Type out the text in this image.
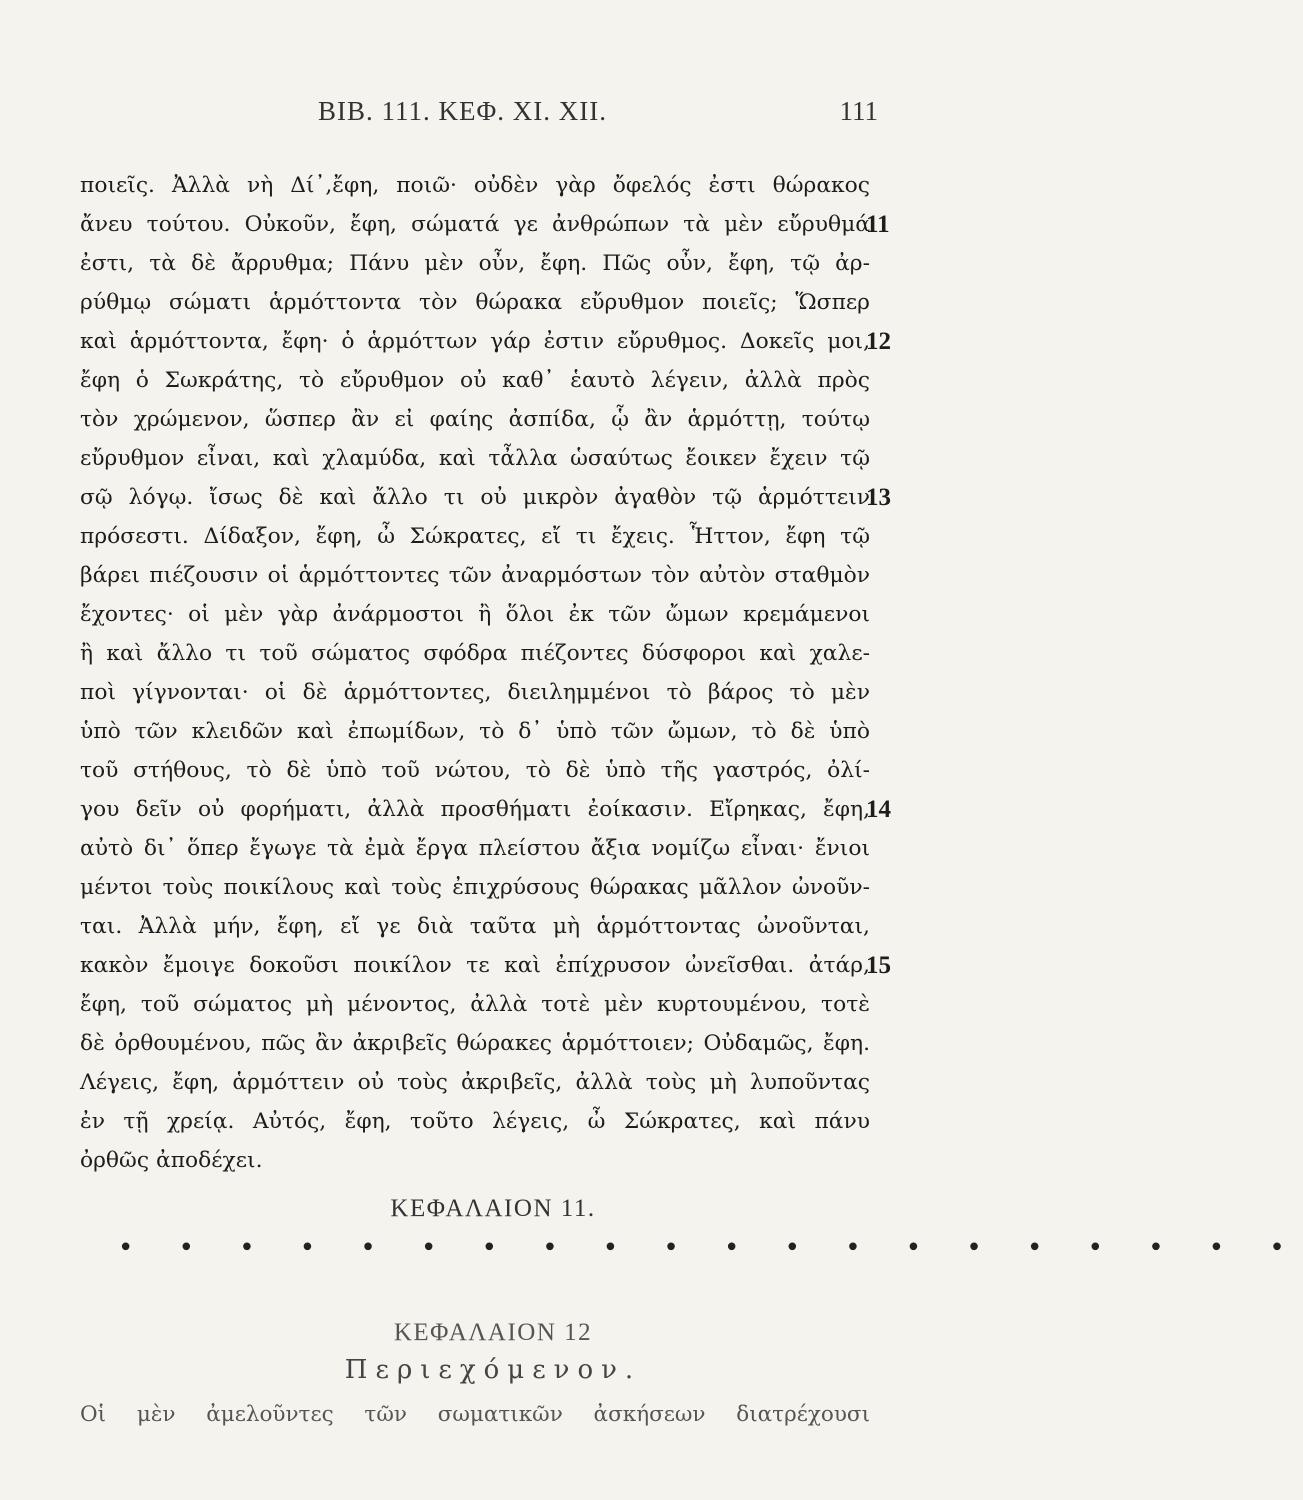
BIB. 111. ΚΕΦ. ΧΙ. ΧΙΙ.	111
ποιεῖς. Ἀλλὰ νὴ Δί᾽,ἔφη, ποιῶ· οὐδὲν γὰρ ὄφελός ἐστι θώρακος
ἄνευ τούτου. Οὐκοῦν, ἔφη, σώματά γε ἀνθρώπων τὰ μὲν εὔρυθμά
11
ἐστι, τὰ δὲ ἄρρυθμα; Πάνυ μὲν οὖν, ἔφη. Πῶς οὖν, ἔφη, τῷ ἀρ-
ρύθμῳ σώματι ἁρμόττοντα τὸν θώρακα εὔρυθμον ποιεῖς; Ὥσπερ
καὶ ἁρμόττοντα, ἔφη· ὁ ἁρμόττων γάρ ἐστιν εὔρυθμος. Δοκεῖς μοι,
12
ἔφη ὁ Σωκράτης, τὸ εὔρυθμον οὐ καθ᾽ ἑαυτὸ λέγειν, ἀλλὰ πρὸς
τὸν χρώμενον, ὥσπερ ἂν εἰ φαίης ἀσπίδα, ᾧ ἂν ἁρμόττῃ, τούτῳ
εὔρυθμον εἶναι, καὶ χλαμύδα, καὶ τἆλλα ὡσαύτως ἔοικεν ἔχειν τῷ
σῷ λόγῳ. ἴσως δὲ καὶ ἄλλο τι οὐ μικρὸν ἀγαθὸν τῷ ἁρμόττειν
13
πρόσεστι. Δίδαξον, ἔφη, ὦ Σώκρατες, εἴ τι ἔχεις. Ἧττον, ἔφη τῷ
βάρει πιέζουσιν οἱ ἁρμόττοντες τῶν ἀναρμόστων τὸν αὐτὸν σταθμὸν
ἔχοντες· οἱ μὲν γὰρ ἀνάρμοστοι ἢ ὅλοι ἐκ τῶν ὤμων κρεμάμενοι
ἢ καὶ ἄλλο τι τοῦ σώματος σφόδρα πιέζοντες δύσφοροι καὶ χαλε-
ποὶ γίγνονται· οἱ δὲ ἁρμόττοντες, διειλημμένοι τὸ βάρος τὸ μὲν
ὑπὸ τῶν κλειδῶν καὶ ἐπωμίδων, τὸ δ᾽ ὑπὸ τῶν ὤμων, τὸ δὲ ὑπὸ
τοῦ στήθους, τὸ δὲ ὑπὸ τοῦ νώτου, τὸ δὲ ὑπὸ τῆς γαστρός, ὀλί-
γου δεῖν οὐ φορήματι, ἀλλὰ προσθήματι ἐοίκασιν. Εἴρηκας, ἔφη,
14
αὐτὸ δι᾽ ὅπερ ἔγωγε τὰ ἐμὰ ἔργα πλείστου ἄξια νομίζω εἶναι· ἔνιοι
μέντοι τοὺς ποικίλους καὶ τοὺς ἐπιχρύσους θώρακας μᾶλλον ὠνοῦν-
ται. Ἀλλὰ μήν, ἔφη, εἴ γε διὰ ταῦτα μὴ ἁρμόττοντας ὠνοῦνται,
κακὸν ἔμοιγε δοκοῦσι ποικίλον τε καὶ ἐπίχρυσον ὠνεῖσθαι. ἀτάρ,
15
ἔφη, τοῦ σώματος μὴ μένοντος, ἀλλὰ τοτὲ μὲν κυρτουμένου, τοτὲ
δὲ ὀρθουμένου, πῶς ἂν ἀκριβεῖς θώρακες ἁρμόττοιεν; Οὐδαμῶς, ἔφη.
Λέγεις, ἔφη, ἁρμόττειν οὐ τοὺς ἀκριβεῖς, ἀλλὰ τοὺς μὴ λυποῦντας
ἐν τῇ χρείᾳ. Αὐτός, ἔφη, τοῦτο λέγεις, ὦ Σώκρατες, καὶ πάνυ
ὀρθῶς ἀποδέχει.
ΚΕΦΑΛΑΙΟΝ 11.
• • • • • • • • • • • • • • • • • • • •
ΚΕΦΑΛΑΙΟΝ 12
Περιεχόμενον.
Οἱ μὲν ἀμελοῦντες τῶν σωματικῶν ἀσκήσεων διατρέχουσι
